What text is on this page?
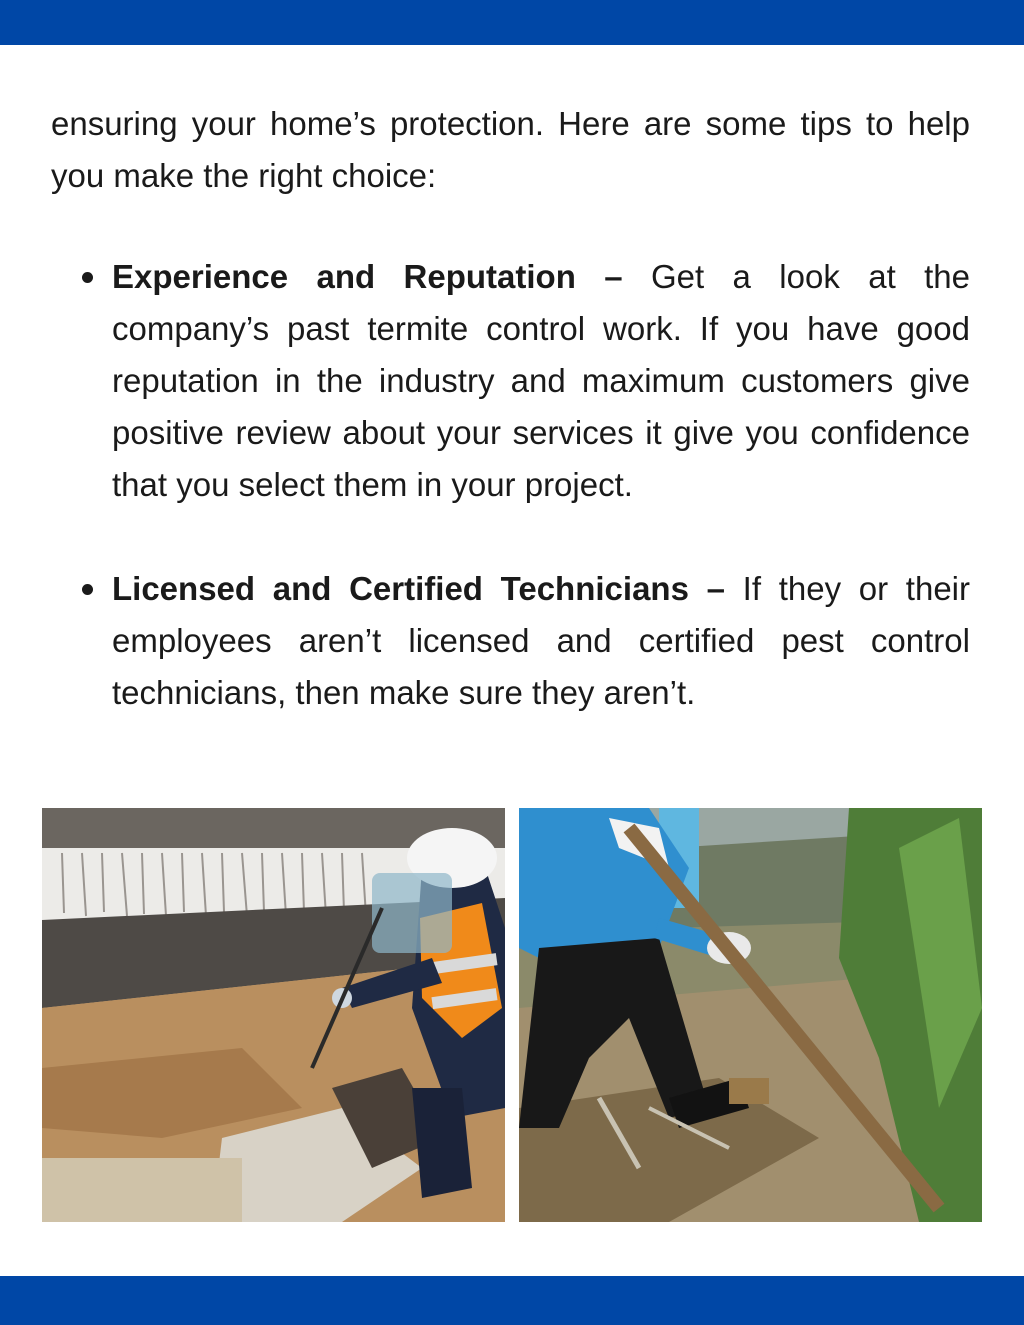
ensuring your home’s protection. Here are some tips to help you make the right choice:

Experience and Reputation – Get a look at the company’s past termite control work. If you have good reputation in the industry and maximum customers give positive review about your services it give you confidence that you select them in your project.
Licensed and Certified Technicians – If they or their employees aren’t licensed and certified pest control technicians, then make sure they aren’t.
